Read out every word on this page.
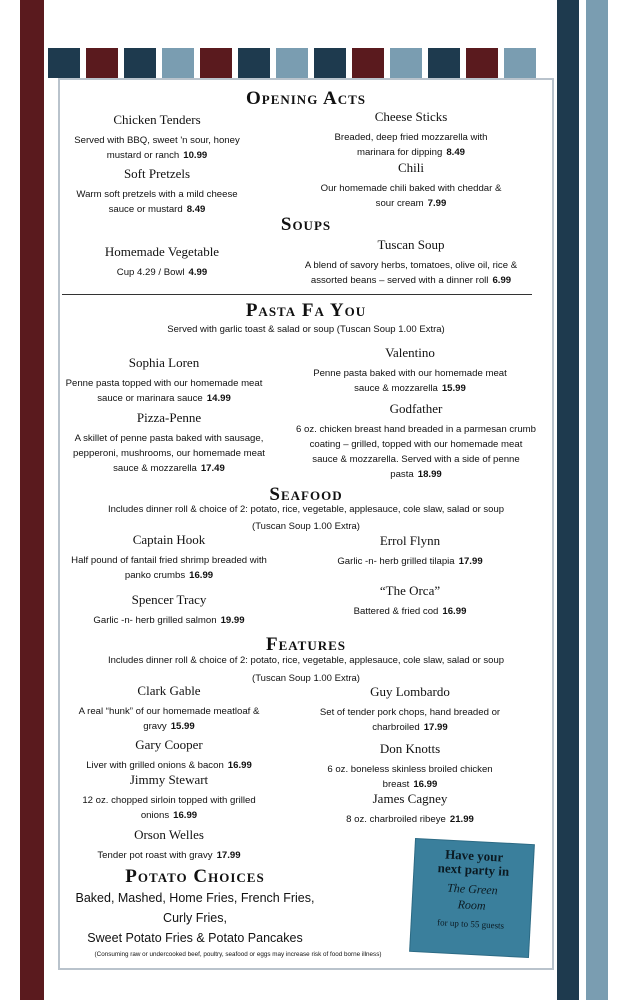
Opening Acts
Chicken Tenders
Served with BBQ, sweet 'n sour, honey mustard or ranch 10.99
Cheese Sticks
Breaded, deep fried mozzarella with marinara for dipping 8.49
Soft Pretzels
Warm soft pretzels with a mild cheese sauce or mustard 8.49
Chili
Our homemade chili baked with cheddar & sour cream 7.99
Soups
Homemade Vegetable
Cup 4.29 / Bowl 4.99
Tuscan Soup
A blend of savory herbs, tomatoes, olive oil, rice & assorted beans – served with a dinner roll 6.99
Pasta Fa You
Served with garlic toast & salad or soup (Tuscan Soup 1.00 Extra)
Sophia Loren
Penne pasta topped with our homemade meat sauce or marinara sauce 14.99
Valentino
Penne pasta baked with our homemade meat sauce & mozzarella 15.99
Pizza-Penne
A skillet of penne pasta baked with sausage, pepperoni, mushrooms, our homemade meat sauce & mozzarella 17.49
Godfather
6 oz. chicken breast hand breaded in a parmesan crumb coating – grilled, topped with our homemade meat sauce & mozzarella. Served with a side of penne pasta 18.99
Seafood
Includes dinner roll & choice of 2: potato, rice, vegetable, applesauce, cole slaw, salad or soup
(Tuscan Soup 1.00 Extra)
Captain Hook
Half pound of fantail fried shrimp breaded with panko crumbs 16.99
Errol Flynn
Garlic -n- herb grilled tilapia 17.99
Spencer Tracy
Garlic -n- herb grilled salmon 19.99
“The Orca”
Battered & fried cod 16.99
Features
Includes dinner roll & choice of 2: potato, rice, vegetable, applesauce, cole slaw, salad or soup
(Tuscan Soup 1.00 Extra)
Clark Gable
A real “hunk” of our homemade meatloaf & gravy 15.99
Guy Lombardo
Set of tender pork chops, hand breaded or charbroiled 17.99
Gary Cooper
Liver with grilled onions & bacon 16.99
Don Knotts
6 oz. boneless skinless broiled chicken breast 16.99
Jimmy Stewart
12 oz. chopped sirloin topped with grilled onions 16.99
James Cagney
8 oz. charbroiled ribeye 21.99
Orson Welles
Tender pot roast with gravy 17.99
Potato Choices
Baked, Mashed, Home Fries, French Fries, Curly Fries,
Sweet Potato Fries & Potato Pancakes
(Consuming raw or undercooked beef, poultry, seafood or eggs may increase risk of food borne illness)
Have your
next party in
The Green
Room
for up to 55 guests
